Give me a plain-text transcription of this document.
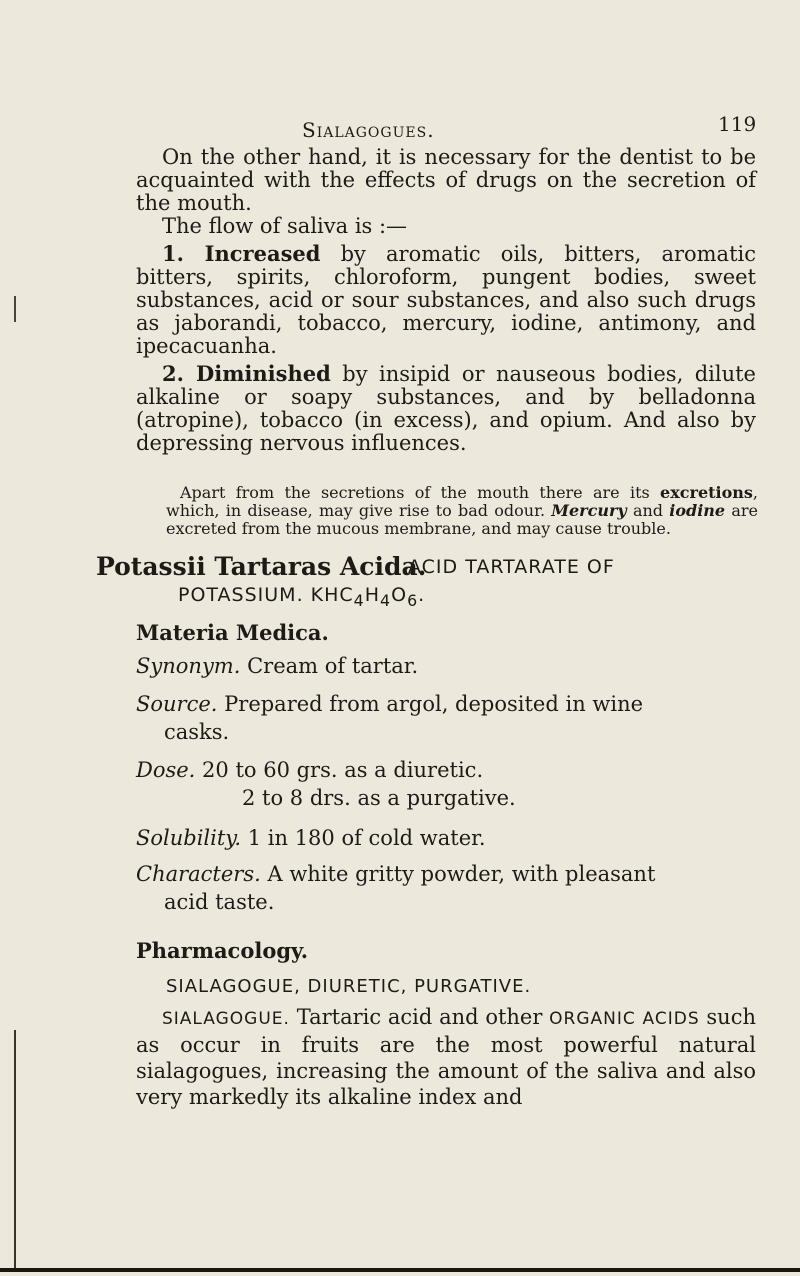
Sialagogues.	119

On the other hand, it is necessary for the dentist to be acquainted with the effects of drugs on the secretion of the mouth.

The flow of saliva is :—

1. Increased by aromatic oils, bitters, aromatic bitters, spirits, chloroform, pungent bodies, sweet substances, acid or sour substances, and also such drugs as jaborandi, tobacco, mercury, iodine, antimony, and ipecacuanha.

2. Diminished by insipid or nauseous bodies, dilute alkaline or soapy substances, and by belladonna (atropine), tobacco (in excess), and opium. And also by depressing nervous influences.

Apart from the secretions of the mouth there are its excretions, which, in disease, may give rise to bad odour. Mercury and iodine are excreted from the mucous membrane, and may cause trouble.

Potassii Tartaras Acida.
ACID TARTARATE OF
POTASSIUM. $KHC_4H_4O_6$.
Materia Medica.
Synonym. Cream of tartar.
Source. Prepared from argol, deposited in wine
casks.
Dose. 20 to 60 grs. as a diuretic.
2 to 8 drs. as a purgative.
Solubility. 1 in 180 of cold water.
Characters. A white gritty powder, with pleasant
acid taste.
Pharmacology.
SIALAGOGUE, DIURETIC, PURGATIVE.

SIALAGOGUE. Tartaric acid and other ORGANIC ACIDS such as occur in fruits are the most powerful natural sialagogues, increasing the amount of the saliva and also very markedly its alkaline index and
